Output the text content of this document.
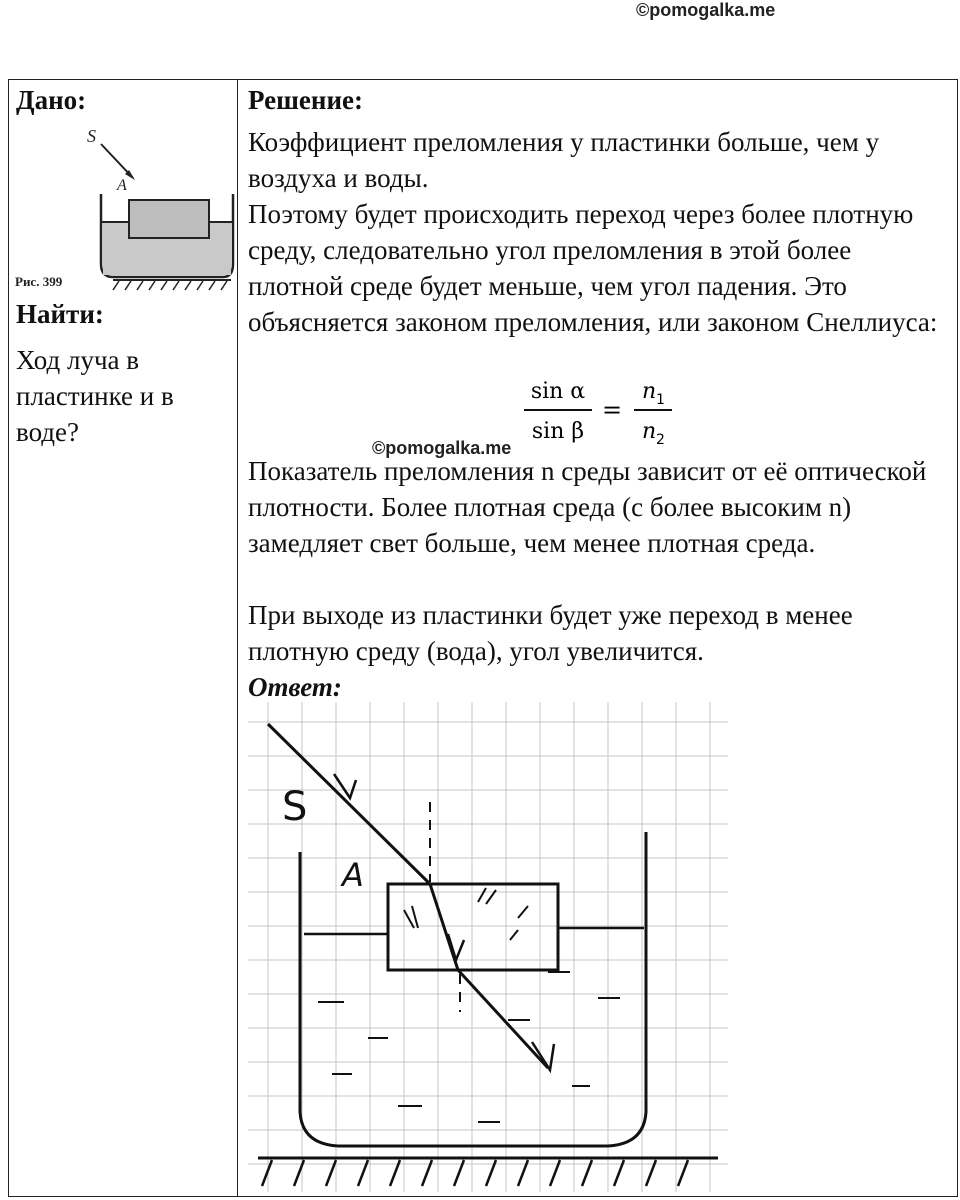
©pomogalka.me
Дано:
S
A
Рис. 399
Найти:
Ход луча в пластинке и в воде?

Решение:
Коэффициент преломления у пластинки больше, чем у воздуха и воды.
Поэтому будет происходить переход через более плотную среду, следовательно угол преломления в этой более плотной среде будет меньше, чем угол падения. Это объясняется законом преломления, или законом Снеллиуса:
sin α
sin β
=
n 1
n 2
Показатель преломления n среды зависит от её оптической плотности. Более плотная среда (с более высоким n) замедляет свет больше, чем менее плотная среда.
При выходе из пластинки будет уже переход в менее плотную среду (вода), угол увеличится.
Ответ:
S
A
©pomogalka.me
